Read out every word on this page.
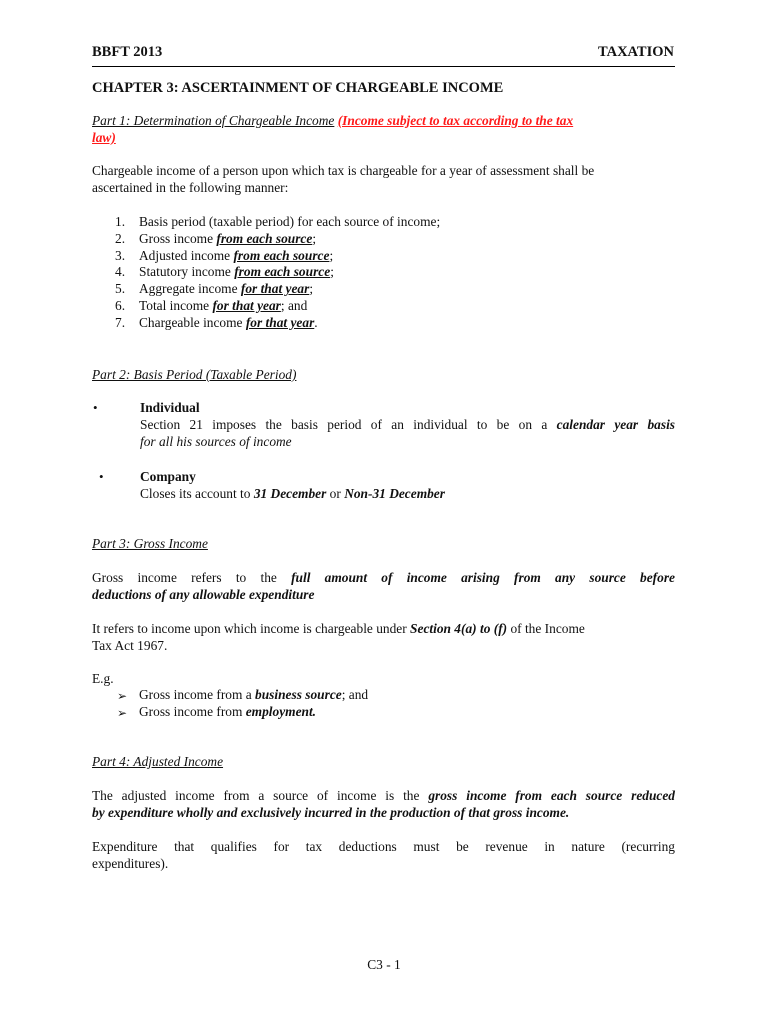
BBFT 2013	TAXATION
CHAPTER 3: ASCERTAINMENT OF CHARGEABLE INCOME
Part 1: Determination of Chargeable Income (Income subject to tax according to the tax
law)
Chargeable income of a person upon which tax is chargeable for a year of assessment shall be
ascertained in the following manner:
1. Basis period (taxable period) for each source of income;
2. Gross income from each source;
3. Adjusted income from each source;
4. Statutory income from each source;
5. Aggregate income for that year;
6. Total income for that year; and
7. Chargeable income for that year.
Part 2: Basis Period (Taxable Period)
•	Individual
Section 21 imposes the basis period of an individual to be on a calendar year basis
for all his sources of income
•	Company
Closes its account to 31 December or Non-31 December
Part 3: Gross Income
Gross income refers to the full amount of income arising from any source before
deductions of any allowable expenditure
It refers to income upon which income is chargeable under Section 4(a) to (f) of the Income
Tax Act 1967.
E.g.
➢ Gross income from a business source; and
➢ Gross income from employment.
Part 4: Adjusted Income
The adjusted income from a source of income is the gross income from each source reduced
by expenditure wholly and exclusively incurred in the production of that gross income.
Expenditure that qualifies for tax deductions must be revenue in nature (recurring
expenditures).
C3 - 1
